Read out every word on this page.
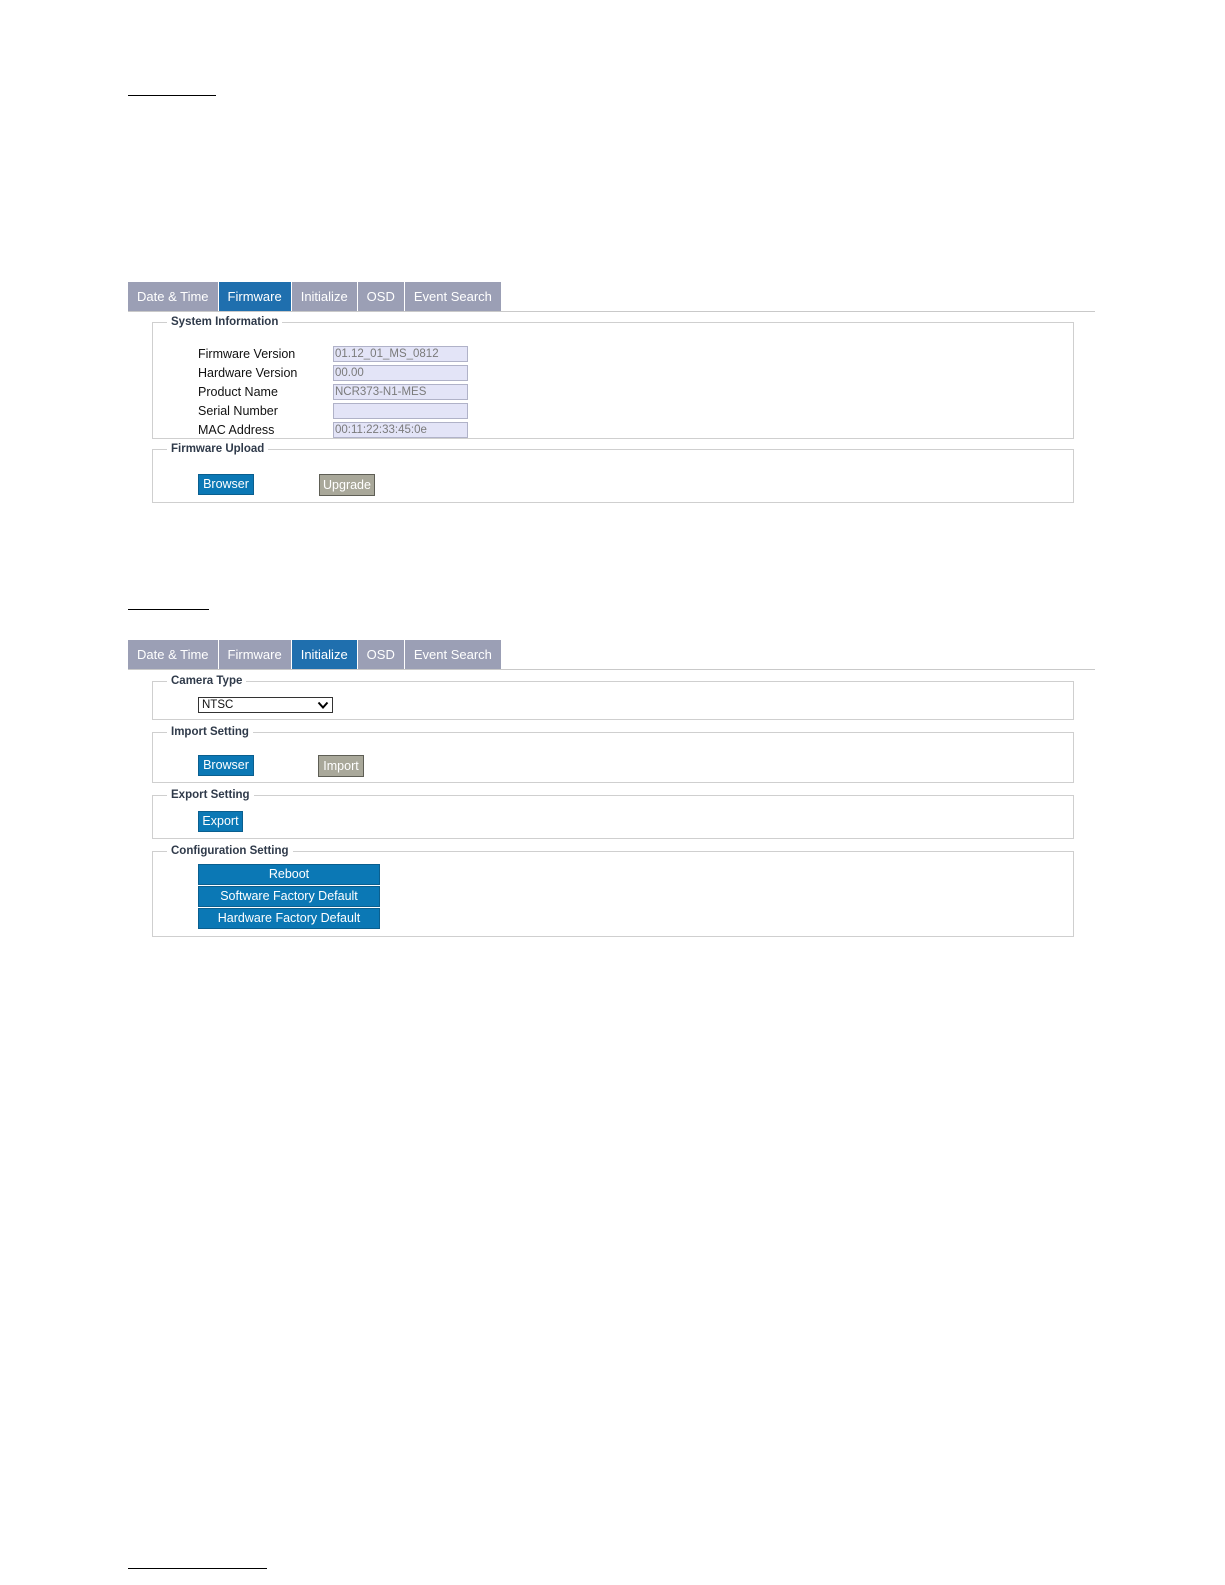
Date & Time	Firmware	Initialize	OSD	Event Search
System Information
Firmware Version	01.12_01_MS_0812
Hardware Version	00.00
Product Name	NCR373-N1-MES
Serial Number
MAC Address	00:11:22:33:45:0e
Firmware Upload
Browser	Upgrade
Date & Time	Firmware	Initialize	OSD	Event Search
Camera Type
NTSC
Import Setting
Browser	Import
Export Setting
Export
Configuration Setting
Reboot
Software Factory Default
Hardware Factory Default
